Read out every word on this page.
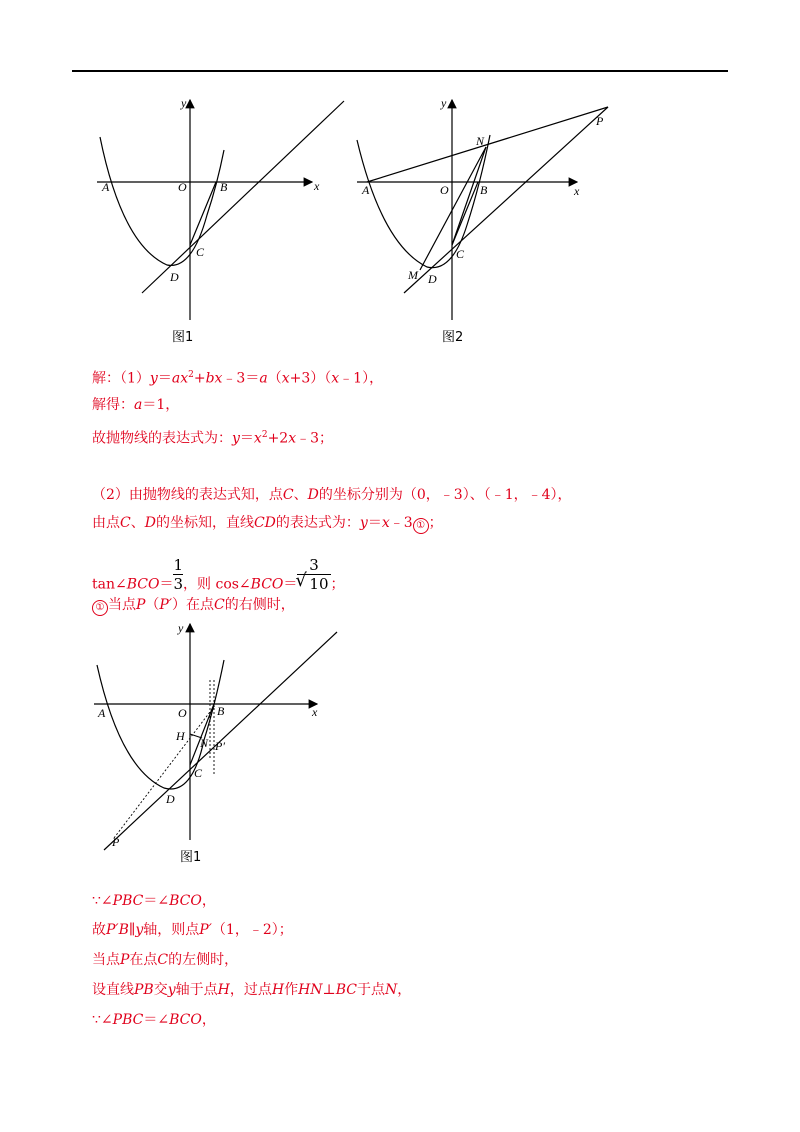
y
x
A	O	B
C
D
图1
y
x
A	O	B
C
D
M
N
P
图2
解：$(1)y=ax^2+bx﹣3=a(x+3)(x﹣1)$，
解得：a＝1，
故抛物线的表达式为：$y=x^2+2x﹣3$；
（2）由抛物线的表达式知，点C、D的坐标分别为（0，﹣3）、（﹣1，﹣4），
由点C、D的坐标知，直线CD的表达式为：y＝x﹣3 ① ；
tan∠BCO＝ $\frac{1}{3}$ ，则 cos∠BCO＝ 3
√ 10 ；
① 当点P（P′）在点C的右侧时，
y
x
A	O	B
H N P′
C
D
P
图1
∵∠PBC＝∠BCO，
故P′B∥y轴，则点P′（1，﹣2）；
当点P在点C的左侧时，
设直线PB交y轴于点H，过点H作HN⊥BC于点N，
∵∠PBC＝∠BCO，
